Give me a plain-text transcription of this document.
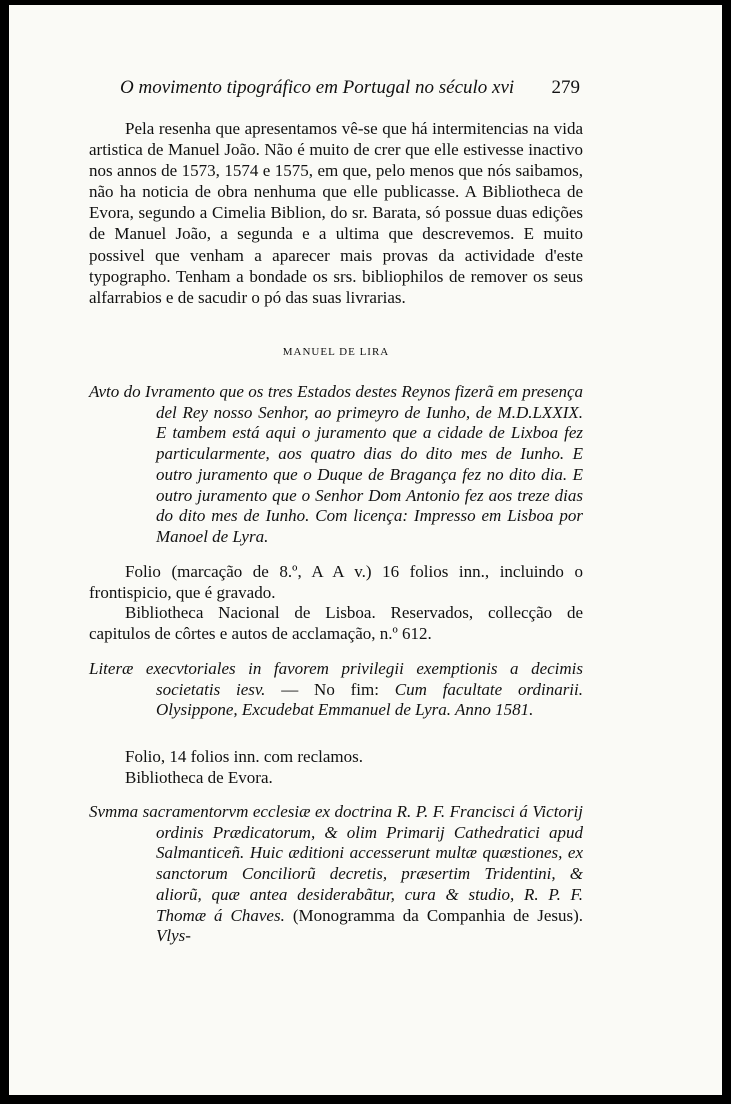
O movimento tipográfico em Portugal no século xvi 279

Pela resenha que apresentamos vê-se que há intermitencias na vida artistica de Manuel João. Não é muito de crer que elle estivesse inactivo nos annos de 1573, 1574 e 1575, em que, pelo menos que nós saibamos, não ha noticia de obra nenhuma que elle publicasse. A Bibliotheca de Evora, segundo a Cimelia Biblion, do sr. Barata, só possue duas edições de Manuel João, a segunda e a ultima que descrevemos. E muito possivel que venham a aparecer mais provas da actividade d'este typographo. Tenham a bondade os srs. bibliophilos de remover os seus alfarrabios e de sacudir o pó das suas livrarias.

MANUEL DE LIRA
Avto do Ivramento que os tres Estados destes Reynos fizerã em presença del Rey nosso Senhor, ao primeyro de Iunho, de M.D.LXXIX. E tambem está aqui o juramento que a cidade de Lixboa fez particularmente, aos quatro dias do dito mes de Iunho. E outro juramento que o Duque de Bragança fez no dito dia. E outro juramento que o Senhor Dom Antonio fez aos treze dias do dito mes de Iunho. Com licença: Impresso em Lisboa por Manoel de Lyra.

Folio (marcação de 8.º, A A v.) 16 folios inn., incluindo o frontispicio, que é gravado.

Bibliotheca Nacional de Lisboa. Reservados, collecção de capitulos de côrtes e autos de acclamação, n.º 612.

Literæ execvtoriales in favorem privilegii exemptionis a decimis societatis iesv. — No fim: Cum facultate ordinarii. Olysippone, Excudebat Emmanuel de Lyra. Anno 1581.

Folio, 14 folios inn. com reclamos.

Bibliotheca de Evora.

Svmma sacramentorvm ecclesiæ ex doctrina R. P. F. Francisci á Victorij ordinis Prædicatorum, & olim Primarij Cathedratici apud Salmanticeñ. Huic æditioni accesserunt multæ quæstiones, ex sanctorum Conciliorũ decretis, præsertim Tridentini, & aliorũ, quæ antea desiderabãtur, cura & studio, R. P. F. Thomæ á Chaves. (Monogramma da Companhia de Jesus). Vlys-
